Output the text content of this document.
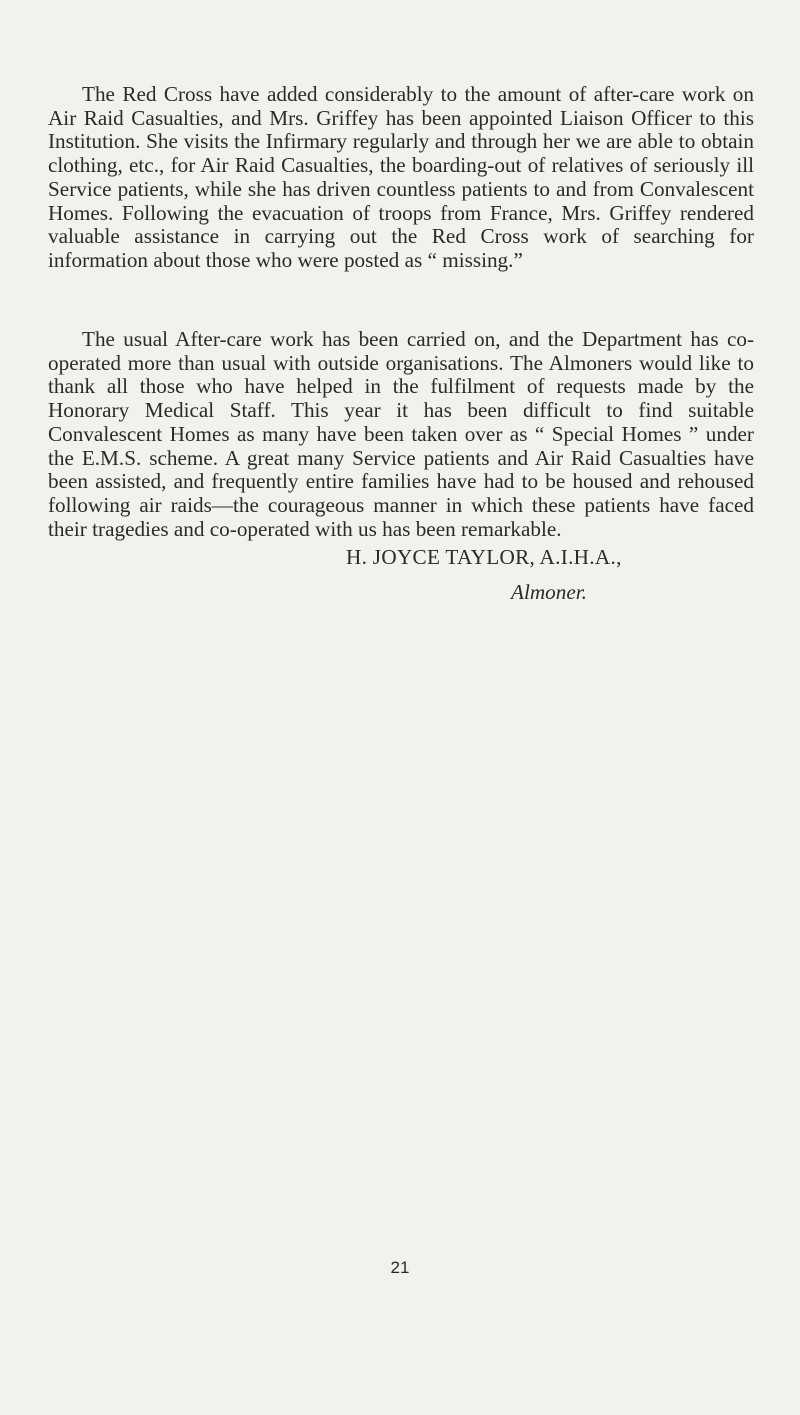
The Red Cross have added considerably to the amount of after-care work on Air Raid Casualties, and Mrs. Griffey has been appointed Liaison Officer to this Institution. She visits the Infirmary regularly and through her we are able to obtain clothing, etc., for Air Raid Casualties, the boarding-out of relatives of seriously ill Service patients, while she has driven countless patients to and from Convalescent Homes. Following the evacuation of troops from France, Mrs. Griffey rendered valuable assistance in carrying out the Red Cross work of searching for information about those who were posted as “ missing.”

The usual After-care work has been carried on, and the Department has co-operated more than usual with outside organisations. The Almoners would like to thank all those who have helped in the fulfilment of requests made by the Honorary Medical Staff. This year it has been difficult to find suitable Convalescent Homes as many have been taken over as “ Special Homes ” under the E.M.S. scheme. A great many Service patients and Air Raid Casualties have been assisted, and frequently entire families have had to be housed and rehoused following air raids—the courageous manner in which these patients have faced their tragedies and co-operated with us has been remarkable.

H. JOYCE TAYLOR, A.I.H.A.,
Almoner.
21
